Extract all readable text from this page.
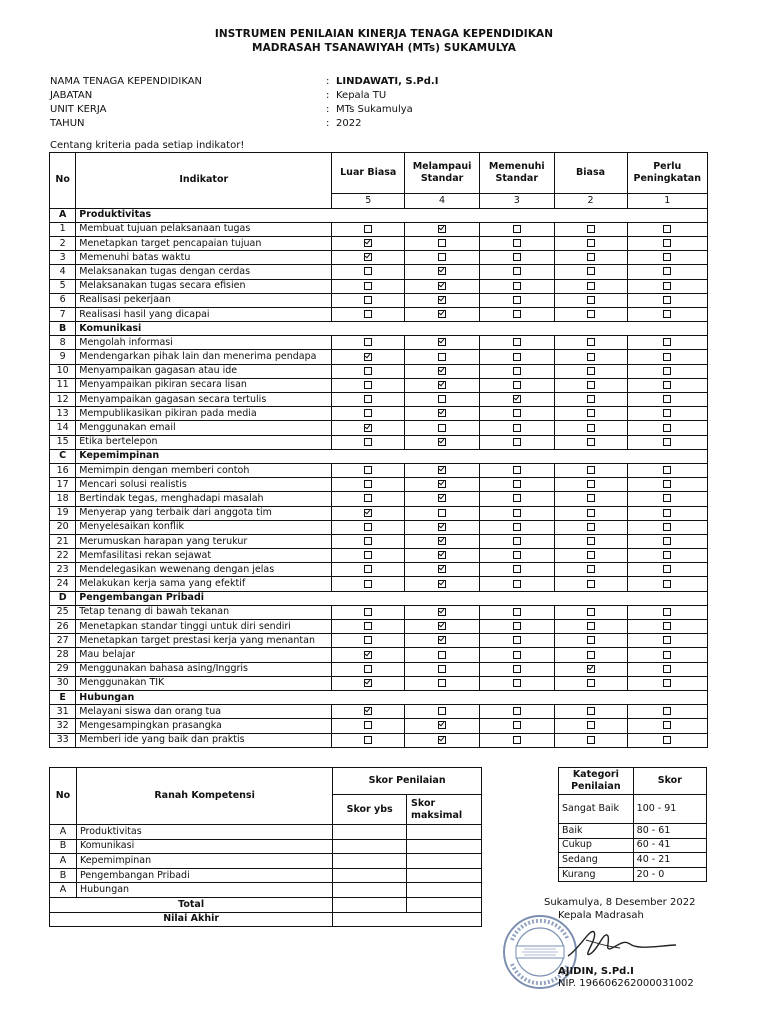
INSTRUMEN PENILAIAN KINERJA TENAGA KEPENDIDIKAN
MADRASAH TSANAWIYAH (MTs) SUKAMULYA
NAMA TENAGA KEPENDIDIKAN	: LINDAWATI, S.Pd.I
JABATAN	: Kepala TU
UNIT KERJA	: MTs Sukamulya
TAHUN	: 2022
Centang kriteria pada setiap indikator!
No	Indikator	Luar Biasa	Melampaui Standar	Memenuhi Standar	Biasa	Perlu Peningkatan
		5	4	3	2	1
A	Produktivitas					
1	Membuat tujuan pelaksanaan tugas					
2	Menetapkan target pencapaian tujuan					
3	Memenuhi batas waktu					
4	Melaksanakan tugas dengan cerdas					
5	Melaksanakan tugas secara efisien					
6	Realisasi pekerjaan					
7	Realisasi hasil yang dicapai					
B	Komunikasi					
8	Mengolah informasi					
9	Mendengarkan pihak lain dan menerima pendapa					
10	Menyampaikan gagasan atau ide					
11	Menyampaikan pikiran secara lisan					
12	Menyampaikan gagasan secara tertulis					
13	Mempublikasikan pikiran pada media					
14	Menggunakan email					
15	Etika bertelepon					
C	Kepemimpinan					
16	Memimpin dengan memberi contoh					
17	Mencari solusi realistis					
18	Bertindak tegas, menghadapi masalah					
19	Menyerap yang terbaik dari anggota tim					
20	Menyelesaikan konflik					
21	Merumuskan harapan yang terukur					
22	Memfasilitasi rekan sejawat					
23	Mendelegasikan wewenang dengan jelas					
24	Melakukan kerja sama yang efektif					
D	Pengembangan Pribadi					
25	Tetap tenang di bawah tekanan					
26	Menetapkan standar tinggi untuk diri sendiri					
27	Menetapkan target prestasi kerja yang menantan					
28	Mau belajar					
29	Menggunakan bahasa asing/Inggris					
30	Menggunakan TIK					
E	Hubungan					
31	Melayani siswa dan orang tua					
32	Mengesampingkan prasangka					
33	Memberi ide yang baik dan praktis					
No	Ranah Kompetensi	Skor Penilaian	
		Skor ybs	Skor maksimal
A	Produktivitas		
B	Komunikasi		
A	Kepemimpinan		
B	Pengembangan Pribadi		
A	Hubungan		
Total			
Nilai Akhir			
Kategori Penilaian	Skor
Sangat Baik	100 - 91
Baik	80 - 61
Cukup	60 - 41
Sedang	40 - 21
Kurang	20 - 0
Sukamulya, 8 Desember 2022
Kepala Madrasah
AJIDIN, S.Pd.I
NIP. 196606262000031002
